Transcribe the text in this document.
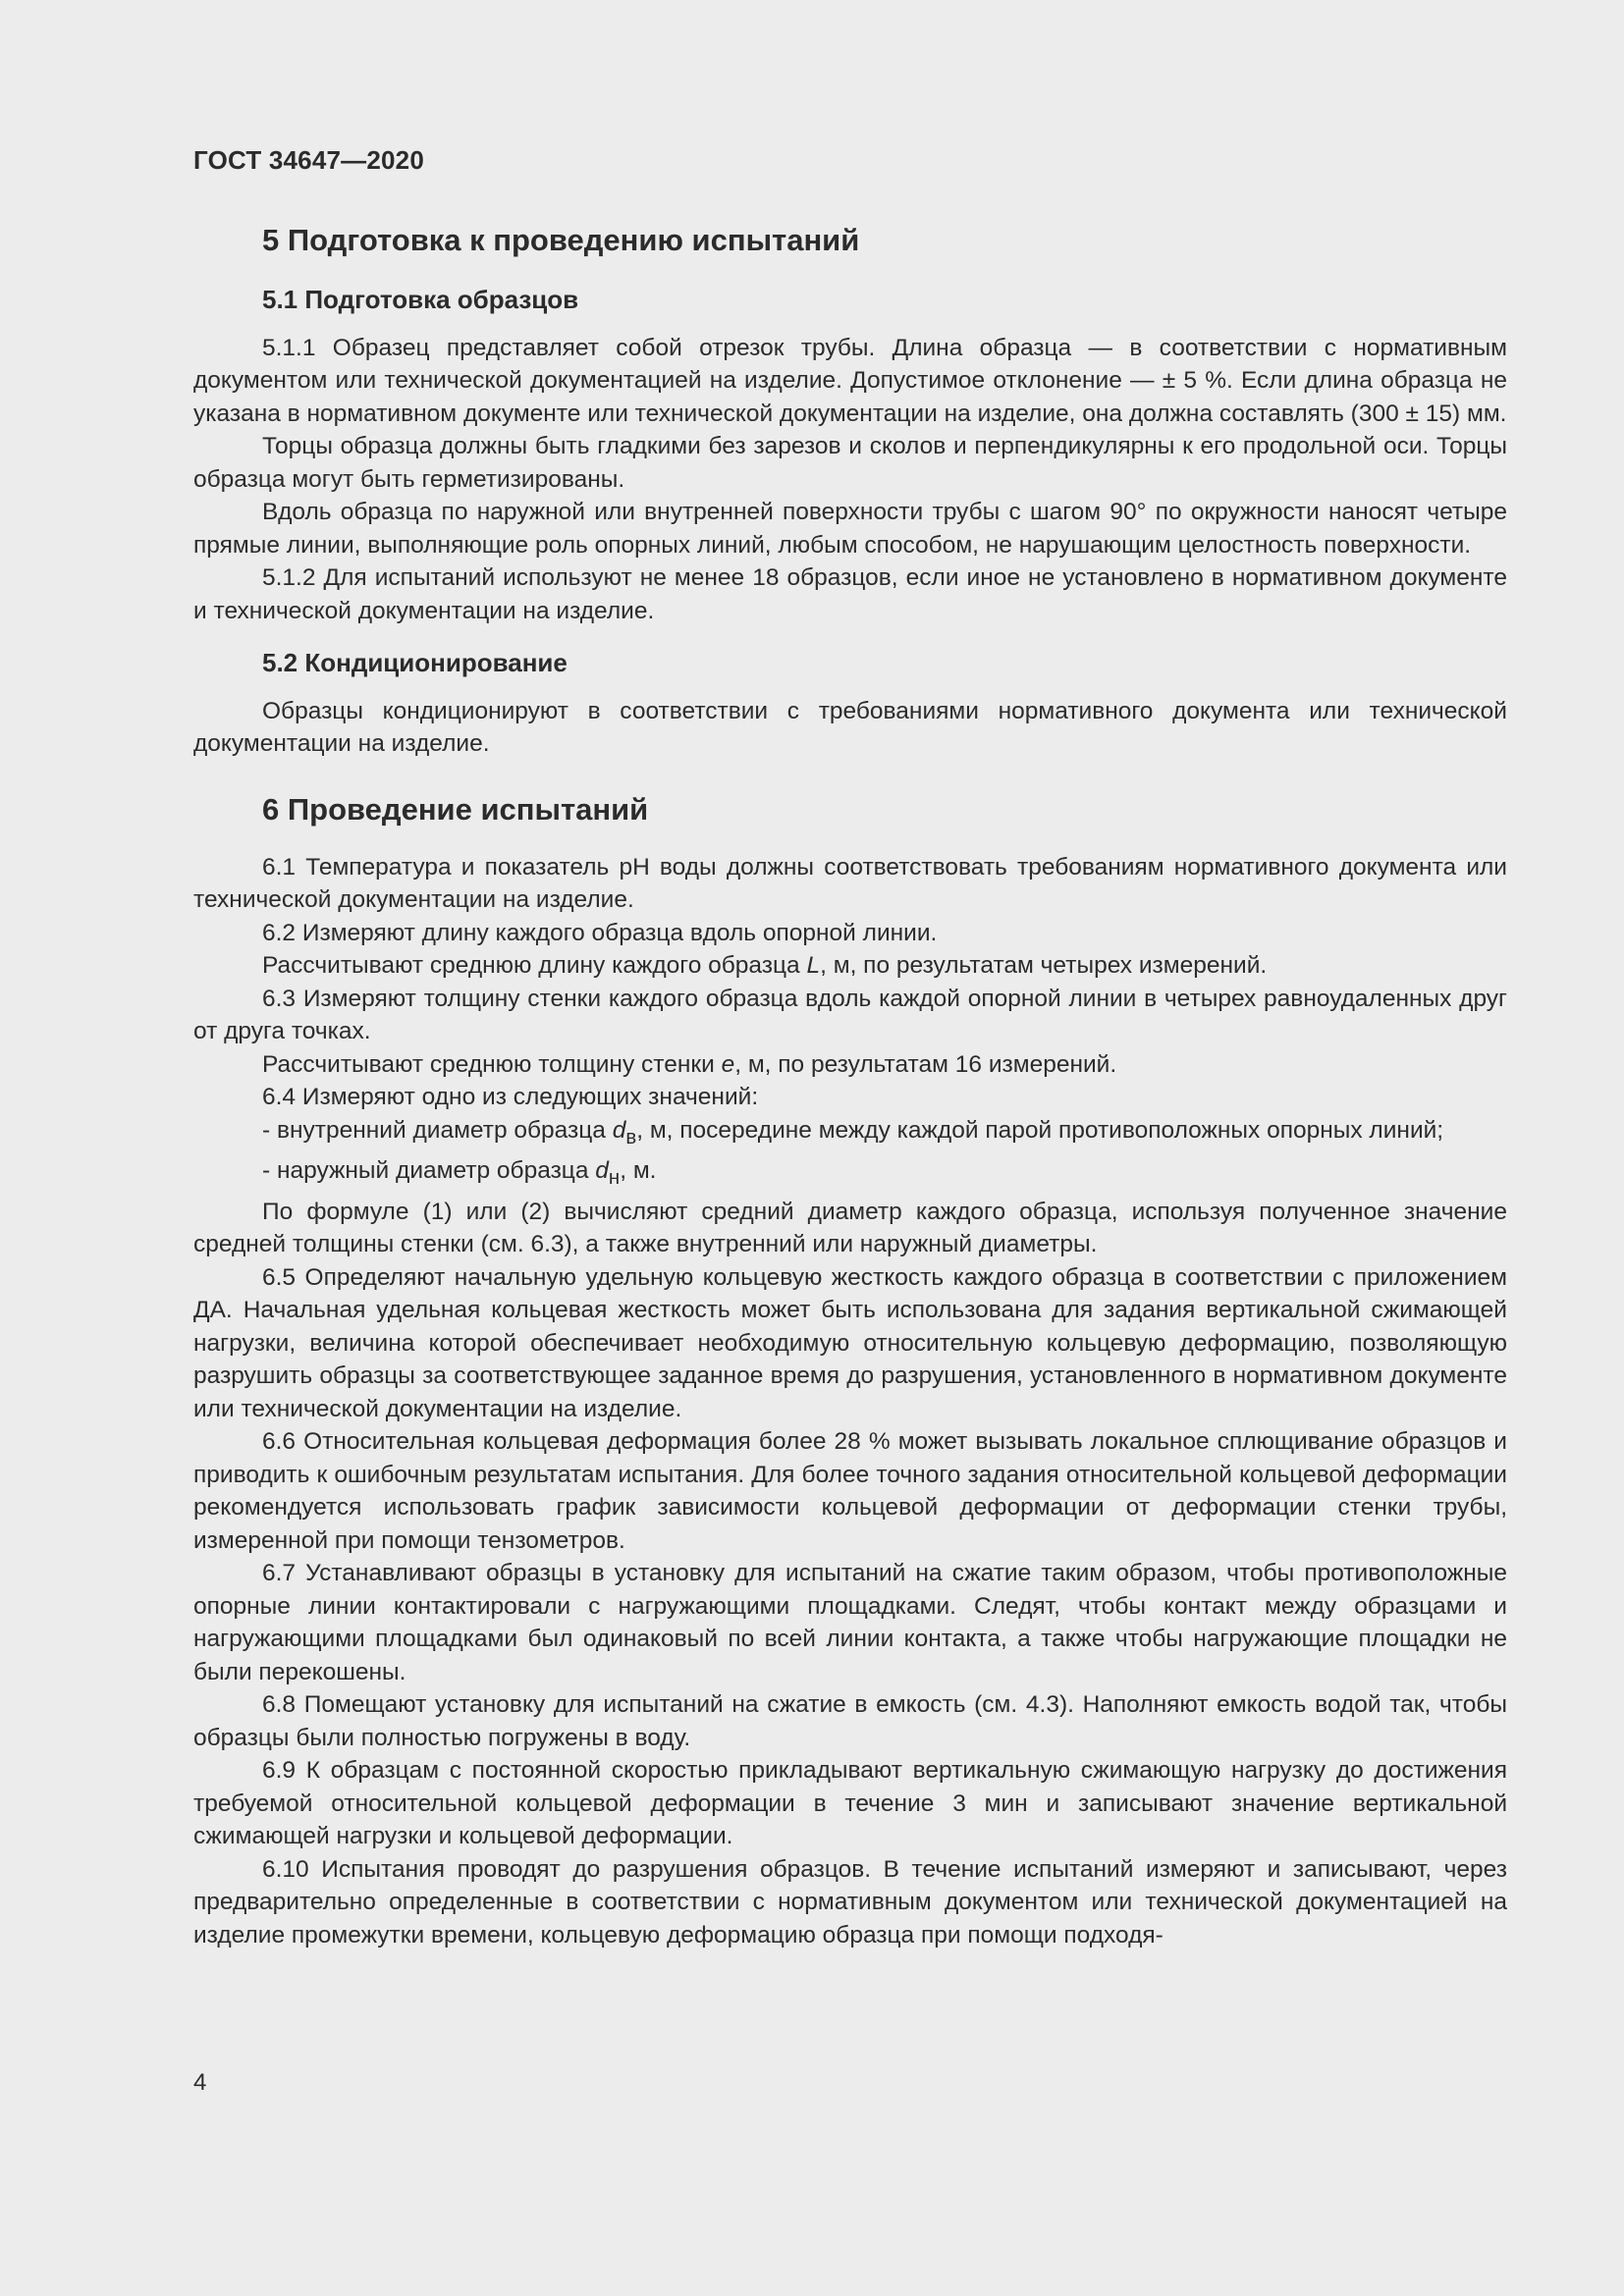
ГОСТ 34647—2020
5 Подготовка к проведению испытаний
5.1 Подготовка образцов

5.1.1 Образец представляет собой отрезок трубы. Длина образца — в соответствии с нормативным документом или технической документацией на изделие. Допустимое отклонение — ± 5 %. Если длина образца не указана в нормативном документе или технической документации на изделие, она должна составлять (300 ± 15) мм.

Торцы образца должны быть гладкими без зарезов и сколов и перпендикулярны к его продольной оси. Торцы образца могут быть герметизированы.

Вдоль образца по наружной или внутренней поверхности трубы с шагом 90° по окружности наносят четыре прямые линии, выполняющие роль опорных линий, любым способом, не нарушающим целостность поверхности.

5.1.2 Для испытаний используют не менее 18 образцов, если иное не установлено в нормативном документе и технической документации на изделие.

5.2 Кондиционирование

Образцы кондиционируют в соответствии с требованиями нормативного документа или технической документации на изделие.

6 Проведение испытаний

6.1 Температура и показатель pH воды должны соответствовать требованиям нормативного документа или технической документации на изделие.

6.2 Измеряют длину каждого образца вдоль опорной линии.

Рассчитывают среднюю длину каждого образца L, м, по результатам четырех измерений.

6.3 Измеряют толщину стенки каждого образца вдоль каждой опорной линии в четырех равноудаленных друг от друга точках.

Рассчитывают среднюю толщину стенки e, м, по результатам 16 измерений.

6.4 Измеряют одно из следующих значений:

- внутренний диаметр образца $d_в$, м, посередине между каждой парой противоположных опорных линий;

- наружный диаметр образца $d_н$, м.

По формуле (1) или (2) вычисляют средний диаметр каждого образца, используя полученное значение средней толщины стенки (см. 6.3), а также внутренний или наружный диаметры.

6.5 Определяют начальную удельную кольцевую жесткость каждого образца в соответствии с приложением ДА. Начальная удельная кольцевая жесткость может быть использована для задания вертикальной сжимающей нагрузки, величина которой обеспечивает необходимую относительную кольцевую деформацию, позволяющую разрушить образцы за соответствующее заданное время до разрушения, установленного в нормативном документе или технической документации на изделие.

6.6 Относительная кольцевая деформация более 28 % может вызывать локальное сплющивание образцов и приводить к ошибочным результатам испытания. Для более точного задания относительной кольцевой деформации рекомендуется использовать график зависимости кольцевой деформации от деформации стенки трубы, измеренной при помощи тензометров.

6.7 Устанавливают образцы в установку для испытаний на сжатие таким образом, чтобы противоположные опорные линии контактировали с нагружающими площадками. Следят, чтобы контакт между образцами и нагружающими площадками был одинаковый по всей линии контакта, а также чтобы нагружающие площадки не были перекошены.

6.8 Помещают установку для испытаний на сжатие в емкость (см. 4.3). Наполняют емкость водой так, чтобы образцы были полностью погружены в воду.

6.9 К образцам с постоянной скоростью прикладывают вертикальную сжимающую нагрузку до достижения требуемой относительной кольцевой деформации в течение 3 мин и записывают значение вертикальной сжимающей нагрузки и кольцевой деформации.

6.10 Испытания проводят до разрушения образцов. В течение испытаний измеряют и записывают, через предварительно определенные в соответствии с нормативным документом или технической документацией на изделие промежутки времени, кольцевую деформацию образца при помощи подходя-

4
